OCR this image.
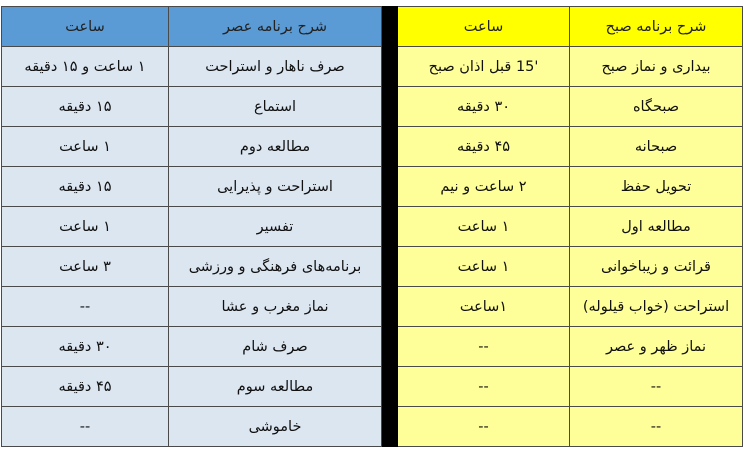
ساعت	شرح برنامه عصر		ساعت	شرح برنامه صبح

۱ ساعت و ۱۵ دقیقه	صرف ناهار و استراحت		'15 قبل اذان صبح	بیداری و نماز صبح

۱۵ دقیقه	استماع		۳۰ دقیقه	صبحگاه

۱ ساعت	مطالعه دوم		۴۵ دقیقه	صبحانه

۱۵ دقیقه	استراحت و پذیرایی		۲ ساعت و نیم	تحویل حفظ

۱ ساعت	تفسیر		۱ ساعت	مطالعه اول

۳ ساعت	برنامه‌های فرهنگی و ورزشی		۱ ساعت	قرائت و زیباخوانی

--	نماز مغرب و عشا		۱ساعت	استراحت (خواب قیلوله)

۳۰ دقیقه	صرف شام		--	نماز ظهر و عصر

۴۵ دقیقه	مطالعه سوم		--	--

--	خاموشی		--	--
